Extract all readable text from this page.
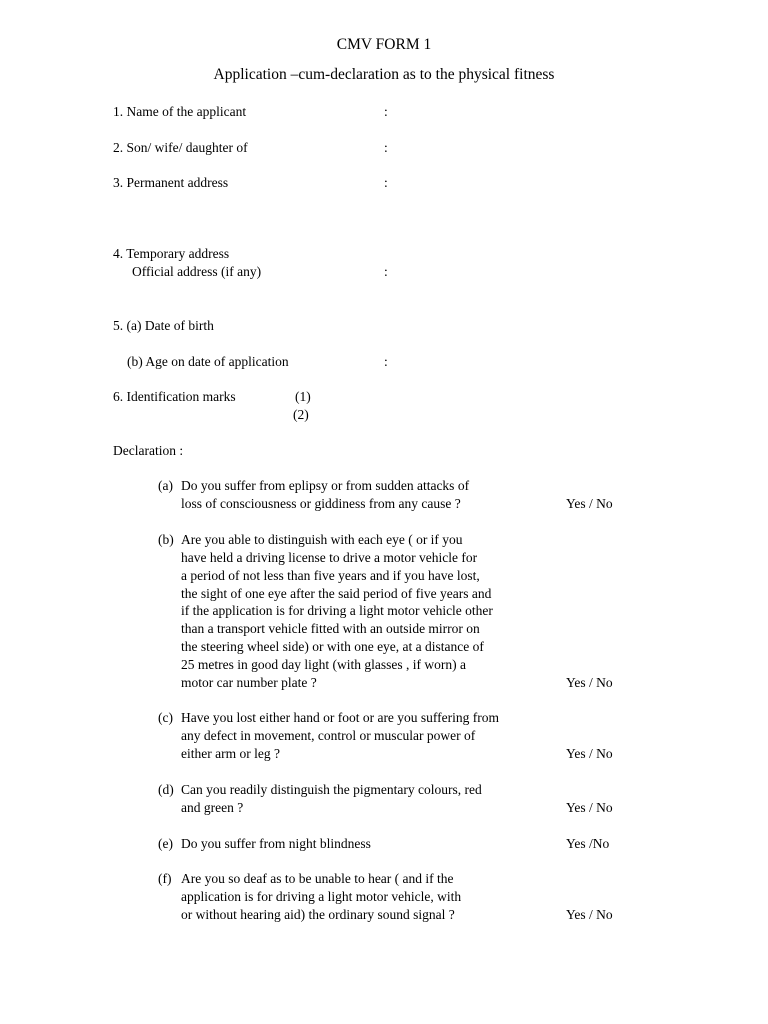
CMV FORM 1
Application –cum-declaration as to the physical fitness
1. Name of the applicant	:
2. Son/ wife/ daughter of	:
3. Permanent address	:
4. Temporary address
Official address (if any)	:
5. (a) Date of birth
(b) Age on date of application	:
6. Identification marks	(1)
(2)
Declaration :
(a) Do you suffer from eplipsy or from sudden attacks of
loss of consciousness or giddiness from any cause ?	Yes / No
(b) Are you able to distinguish with each eye ( or if you
have held a driving license to drive a motor vehicle for
a period of not less than five years and if you have lost,
the sight of one eye after the said period of five years and
if the application is for driving a light motor vehicle other
than a transport vehicle fitted with an outside mirror on
the steering wheel side) or with one eye, at a distance of
25 metres in good day light (with glasses , if worn) a
motor car number plate ?	Yes / No
(c) Have you lost either hand or foot or are you suffering from
any defect in movement, control or muscular power of
either arm or leg ?	Yes / No
(d) Can you readily distinguish the pigmentary colours, red
and green ?	Yes / No
(e) Do you suffer from night blindness	Yes /No
(f) Are you so deaf as to be unable to hear ( and if the
application is for driving a light motor vehicle, with
or without hearing aid) the ordinary sound signal ?	Yes / No
